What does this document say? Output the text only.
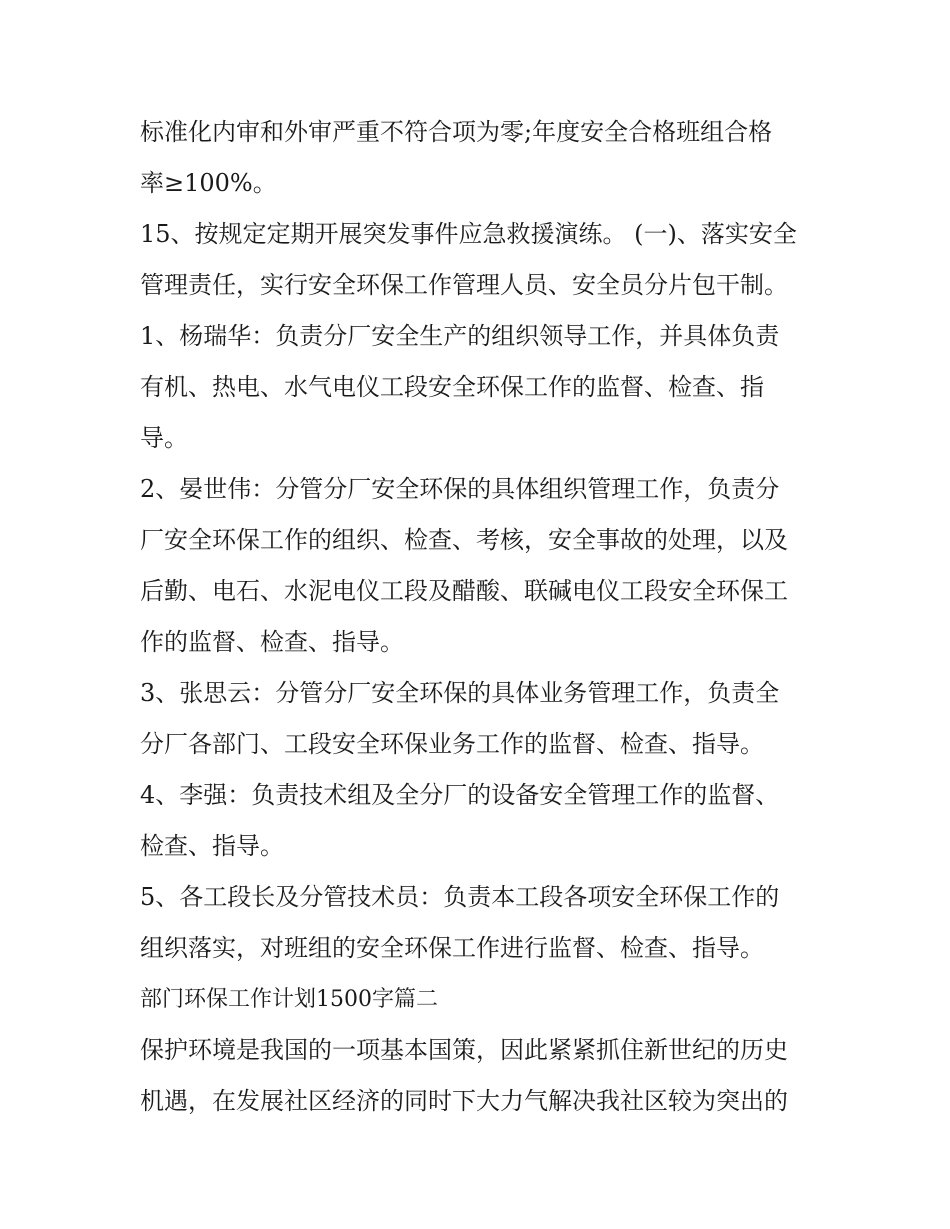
标准化内审和外审严重不符合项为零;年度安全合格班组合格
率≥100%。
15、按规定定期开展突发事件应急救援演练。 (一)、落实安全
管理责任，实行安全环保工作管理人员、安全员分片包干制。
1、杨瑞华：负责分厂安全生产的组织领导工作，并具体负责
有机、热电、水气电仪工段安全环保工作的监督、检查、指
导。
2、晏世伟：分管分厂安全环保的具体组织管理工作，负责分
厂安全环保工作的组织、检查、考核，安全事故的处理，以及
后勤、电石、水泥电仪工段及醋酸、联碱电仪工段安全环保工
作的监督、检查、指导。
3、张思云：分管分厂安全环保的具体业务管理工作，负责全
分厂各部门、工段安全环保业务工作的监督、检查、指导。
4、李强：负责技术组及全分厂的设备安全管理工作的监督、
检查、指导。
5、各工段长及分管技术员：负责本工段各项安全环保工作的
组织落实，对班组的安全环保工作进行监督、检查、指导。
部门环保工作计划1500字篇二
保护环境是我国的一项基本国策，因此紧紧抓住新世纪的历史
机遇，在发展社区经济的同时下大力气解决我社区较为突出的
